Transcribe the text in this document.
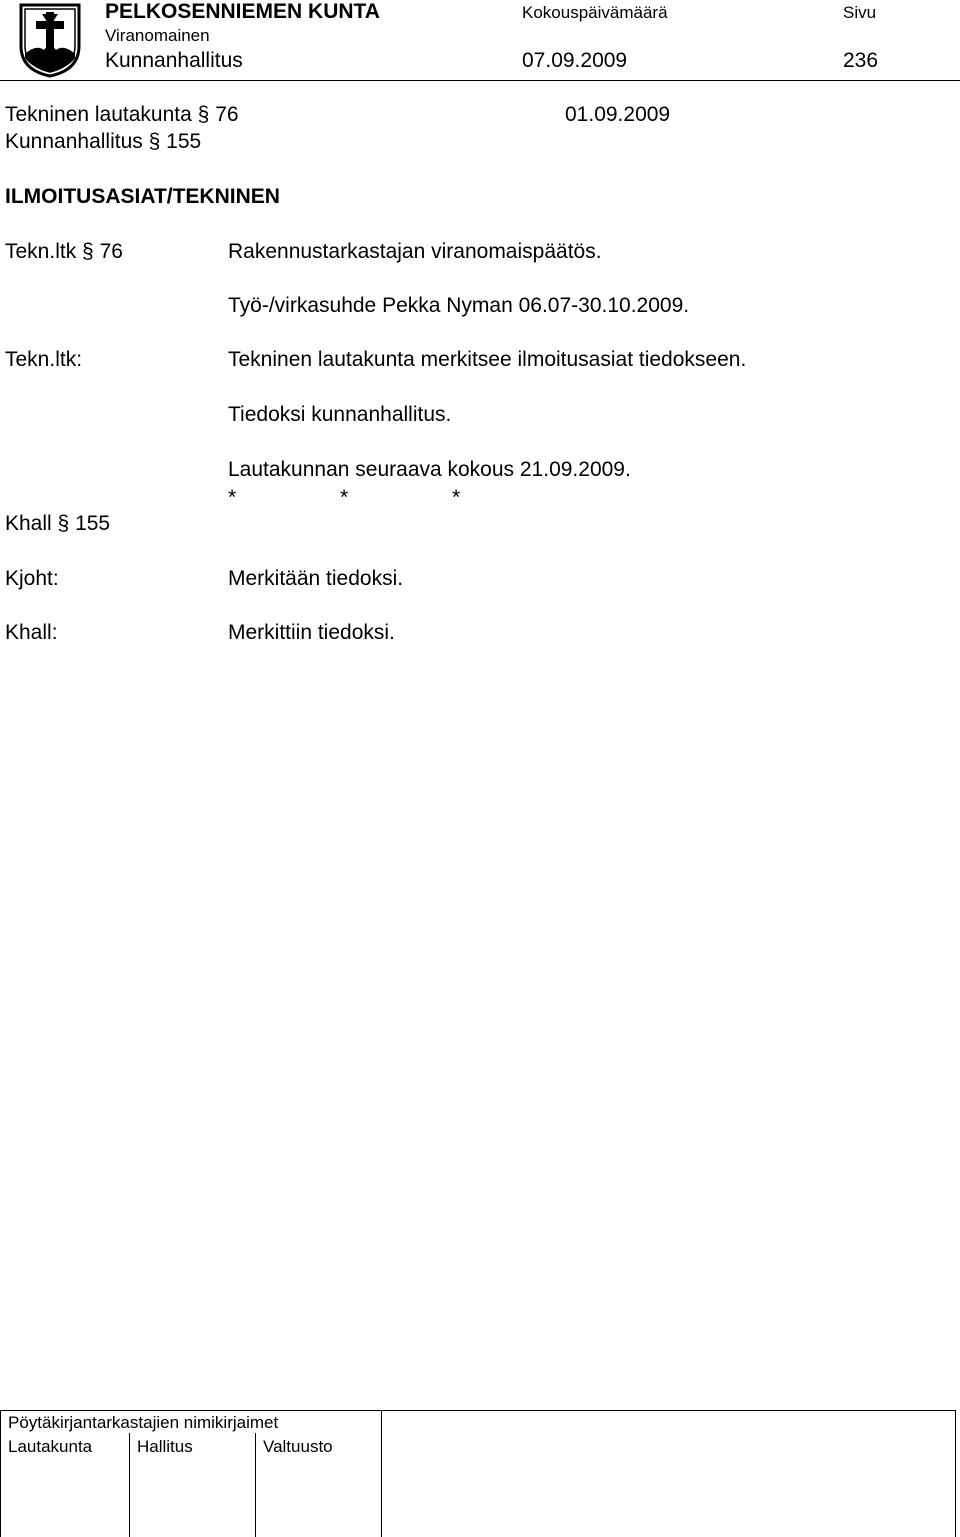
PELKOSENNIEMEN KUNTA
Viranomainen
Kunnanhallitus
Kokouspäivämäärä
07.09.2009
Sivu
236
Tekninen lautakunta § 76	01.09.2009
Kunnanhallitus § 155
ILMOITUSASIAT/TEKNINEN
Tekn.ltk § 76	Rakennustarkastajan viranomaispäätös.
Työ-/virkasuhde Pekka Nyman 06.07-30.10.2009.
Tekn.ltk:	Tekninen lautakunta merkitsee ilmoitusasiat tiedokseen.
Tiedoksi kunnanhallitus.
Lautakunnan seuraava kokous 21.09.2009.
*	*	*
Khall § 155
Kjoht:	Merkitään tiedoksi.
Khall:	Merkittiin tiedoksi.
Pöytäkirjantarkastajien nimikirjaimet
Lautakunta	Hallitus	Valtuusto
